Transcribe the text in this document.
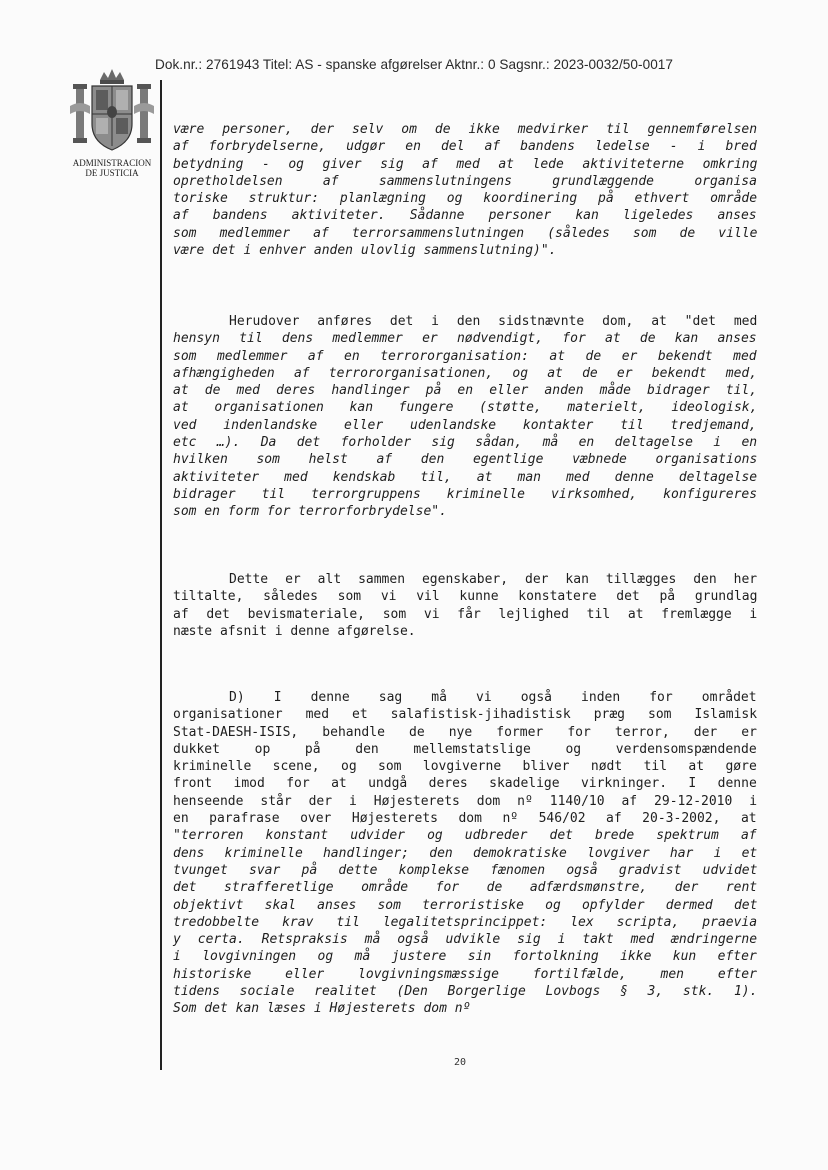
Dok.nr.: 2761943 Titel: AS - spanske afgørelser Aktnr.: 0 Sagsnr.: 2023-0032/50-0017
ADMINISTRACION
DE JUSTICIA

være personer, der selv om de ikke medvirker til gennemførelsen
af forbrydelserne, udgør en del af bandens ledelse - i bred
betydning - og giver sig af med at lede aktiviteterne omkring
opretholdelsen af sammenslutningens grundlæggende organisa
toriske struktur: planlægning og koordinering på ethvert område
af bandens aktiviteter. Sådanne personer kan ligeledes anses
som medlemmer af terrorsammenslutningen (således som de ville
være det i enhver anden ulovlig sammenslutning)".

Herudover anføres det i den sidstnævnte dom, at "det med
hensyn til dens medlemmer er nødvendigt, for at de kan anses
som medlemmer af en terrororganisation: at de er bekendt med
afhængigheden af terrororganisationen, og at de er bekendt med,
at de med deres handlinger på en eller anden måde bidrager til,
at organisationen kan fungere (støtte, materielt, ideologisk,
ved indenlandske eller udenlandske kontakter til tredjemand,
etc …). Da det forholder sig sådan, må en deltagelse i en
hvilken som helst af den egentlige væbnede organisations
aktiviteter med kendskab til, at man med denne deltagelse
bidrager til terrorgruppens kriminelle virksomhed, konfigureres
som en form for terrorforbrydelse".

Dette er alt sammen egenskaber, der kan tillægges den her
tiltalte, således som vi vil kunne konstatere det på grundlag
af det bevismateriale, som vi får lejlighed til at fremlægge i
næste afsnit i denne afgørelse.

D) I denne sag må vi også inden for området
organisationer med et salafistisk-jihadistisk præg som Islamisk
Stat-DAESH-ISIS, behandle de nye former for terror, der er
dukket op på den mellemstatslige og verdensomspændende
kriminelle scene, og som lovgiverne bliver nødt til at gøre
front imod for at undgå deres skadelige virkninger. I denne
henseende står der i Højesterets dom nº 1140/10 af 29-12-2010 i
en parafrase over Højesterets dom nº 546/02 af 20-3-2002, at
"terroren konstant udvider og udbreder det brede spektrum af
dens kriminelle handlinger; den demokratiske lovgiver har i et
tvunget svar på dette komplekse fænomen også gradvist udvidet
det strafferetlige område for de adfærdsmønstre, der rent
objektivt skal anses som terroristiske og opfylder dermed det
tredobbelte krav til legalitetsprincippet: lex scripta, praevia
y certa. Retspraksis må også udvikle sig i takt med ændringerne
i lovgivningen og må justere sin fortolkning ikke kun efter
historiske eller lovgivningsmæssige fortilfælde, men efter
tidens sociale realitet (Den Borgerlige Lovbogs § 3, stk. 1).
Som det kan læses i Højesterets dom nº

20
